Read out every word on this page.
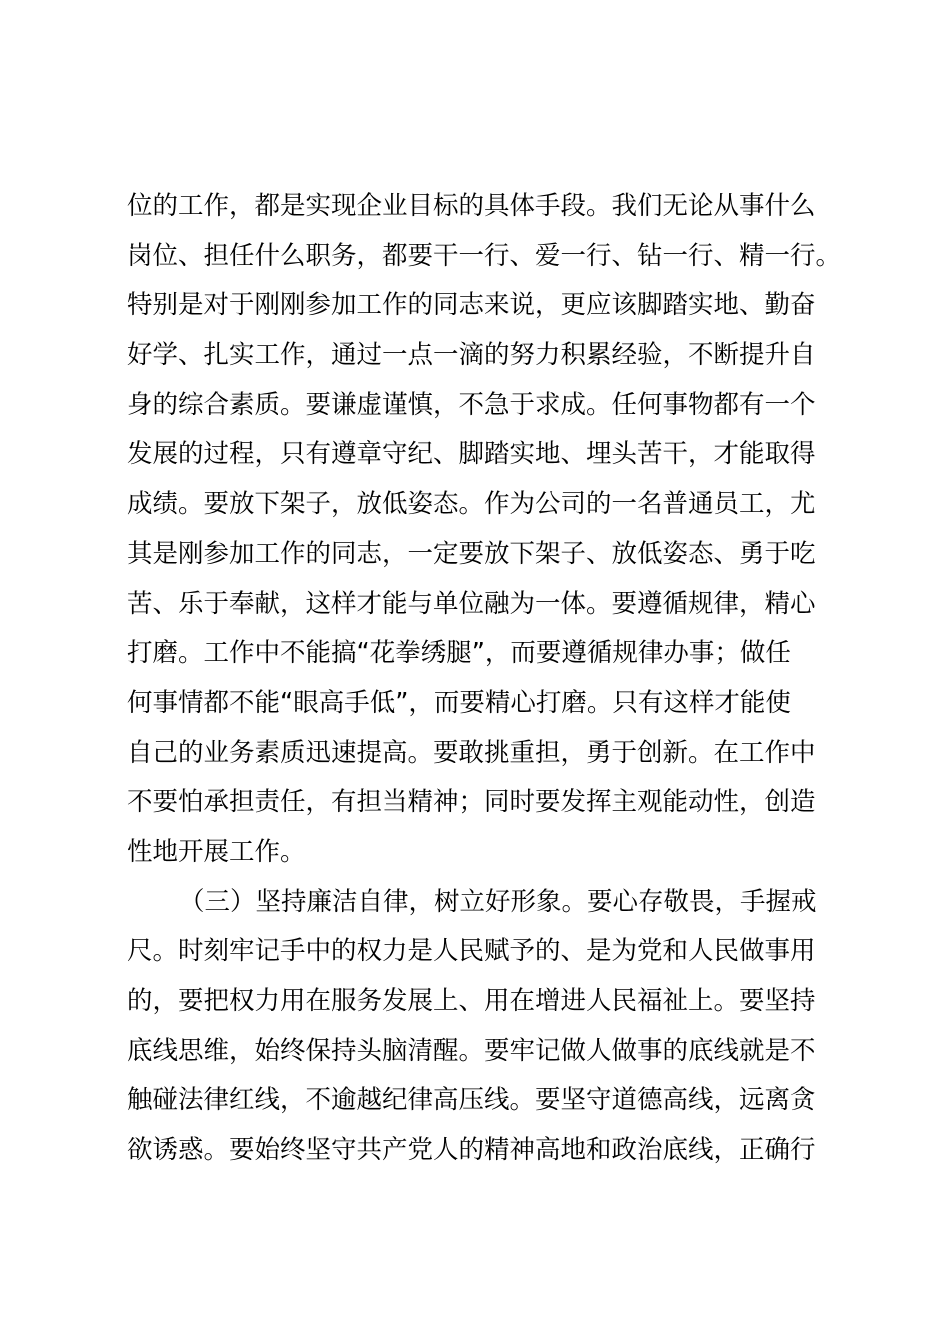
位的工作，都是实现企业目标的具体手段。我们无论从事什么
岗位、担任什么职务，都要干一行、爱一行、钻一行、精一行。
特别是对于刚刚参加工作的同志来说，更应该脚踏实地、勤奋
好学、扎实工作，通过一点一滴的努力积累经验，不断提升自
身的综合素质。要谦虚谨慎，不急于求成。任何事物都有一个
发展的过程，只有遵章守纪、脚踏实地、埋头苦干，才能取得
成绩。要放下架子，放低姿态。作为公司的一名普通员工，尤
其是刚参加工作的同志，一定要放下架子、放低姿态、勇于吃
苦、乐于奉献，这样才能与单位融为一体。要遵循规律，精心
打磨。工作中不能搞“花拳绣腿”，而要遵循规律办事；做任
何事情都不能“眼高手低”，而要精心打磨。只有这样才能使
自己的业务素质迅速提高。要敢挑重担，勇于创新。在工作中
不要怕承担责任，有担当精神；同时要发挥主观能动性，创造
性地开展工作。
（三）坚持廉洁自律，树立好形象。要心存敬畏，手握戒
尺。时刻牢记手中的权力是人民赋予的、是为党和人民做事用
的，要把权力用在服务发展上、用在增进人民福祉上。要坚持
底线思维，始终保持头脑清醒。要牢记做人做事的底线就是不
触碰法律红线，不逾越纪律高压线。要坚守道德高线，远离贪
欲诱惑。要始终坚守共产党人的精神高地和政治底线，正确行
